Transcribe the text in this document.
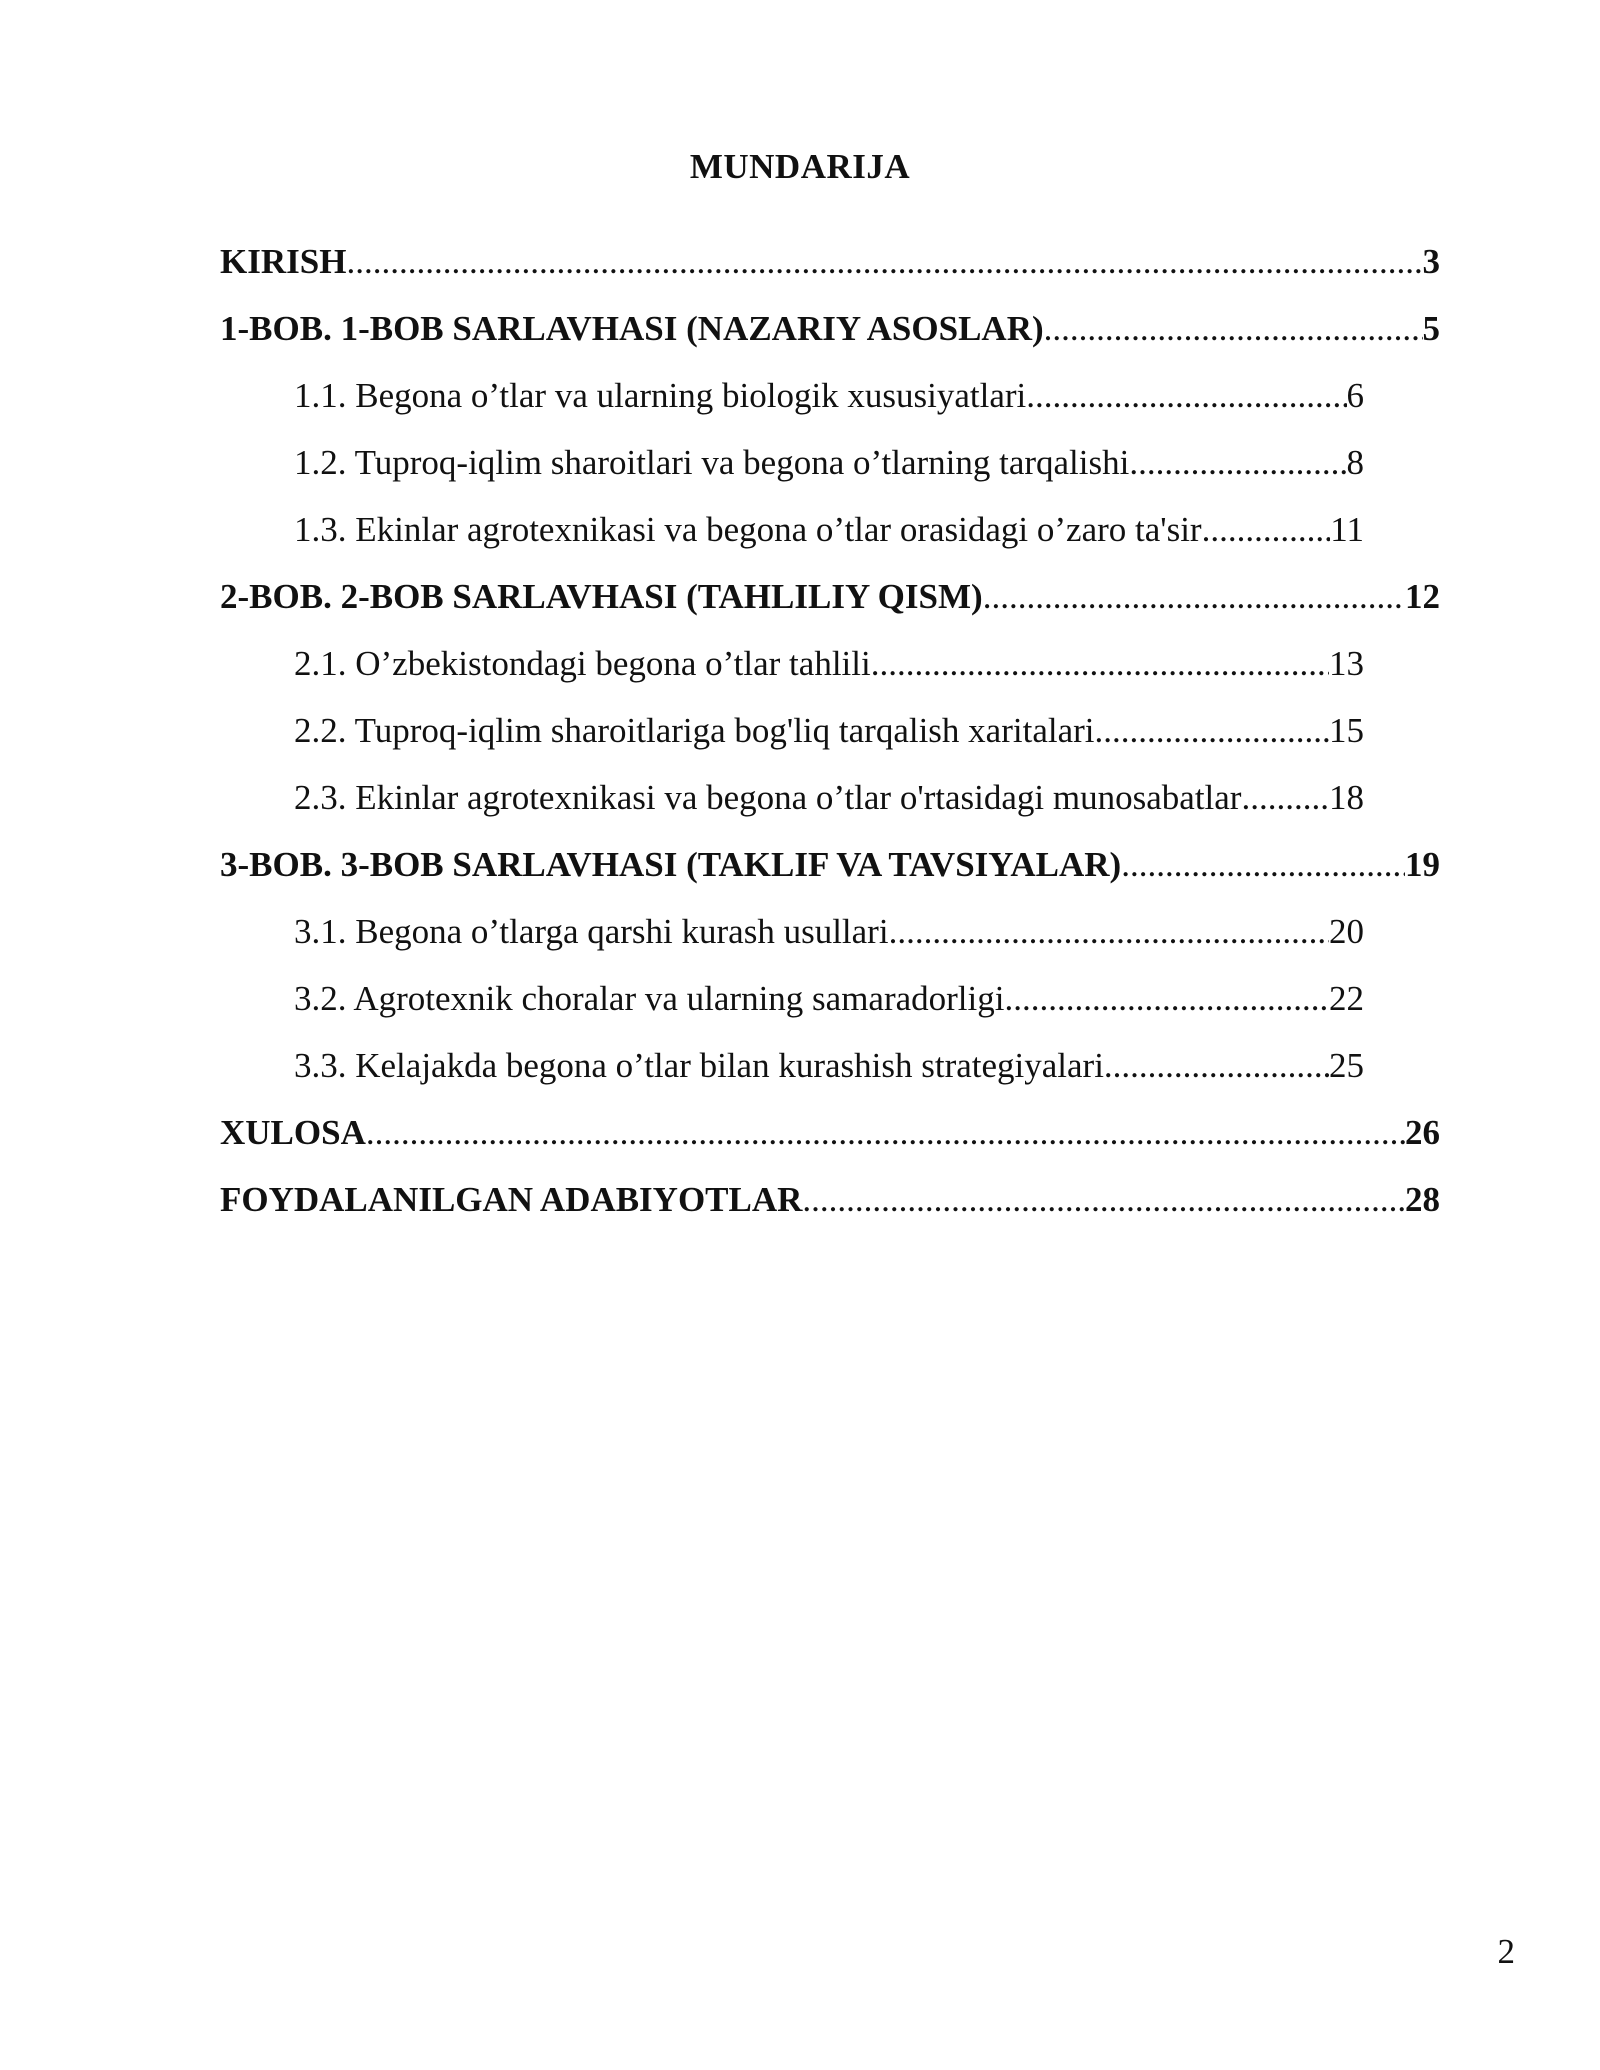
MUNDARIJA
KIRISH .....	3
1-BOB. 1-BOB SARLAVHASI (NAZARIY ASOSLAR) .....	5
1.1. Begona o’tlar va ularning biologik xususiyatlari .....	6
1.2. Tuproq-iqlim sharoitlari va begona o’tlarning tarqalishi .....	8
1.3. Ekinlar agrotexnikasi va begona o’tlar orasidagi o’zaro ta'sir .....	11
2-BOB. 2-BOB SARLAVHASI (TAHLILIY QISM) .....	12
2.1. O’zbekistondagi begona o’tlar tahlili .....	13
2.2. Tuproq-iqlim sharoitlariga bog'liq tarqalish xaritalari .....	15
2.3. Ekinlar agrotexnikasi va begona o’tlar o'rtasidagi munosabatlar .....	18
3-BOB. 3-BOB SARLAVHASI (TAKLIF VA TAVSIYALAR) .....	19
3.1. Begona o’tlarga qarshi kurash usullari .....	20
3.2. Agrotexnik choralar va ularning samaradorligi .....	22
3.3. Kelajakda begona o’tlar bilan kurashish strategiyalari .....	25
XULOSA .....	26
FOYDALANILGAN ADABIYOTLAR .....	28
2
